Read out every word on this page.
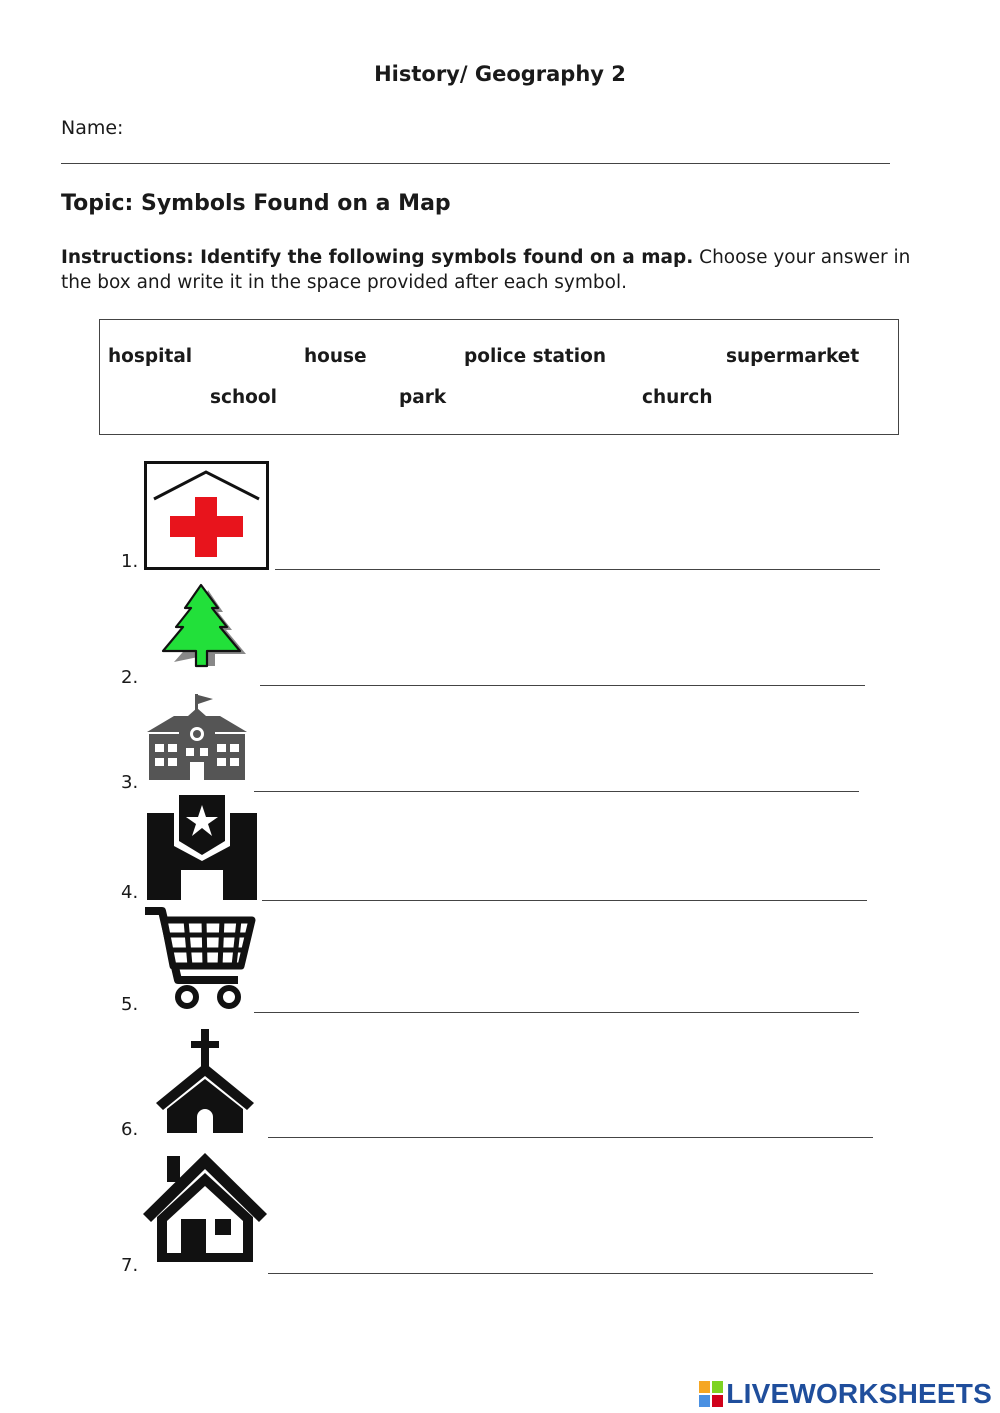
History/ Geography 2
Name:
Topic: Symbols Found on a Map
Instructions: Identify the following symbols found on a map. Choose your answer in the box and write it in the space provided after each symbol.
hospital	house	police station	supermarket
school	park	church
1.
2.
3.
4.
5.
6.
7.
LIVEWORKSHEETS
